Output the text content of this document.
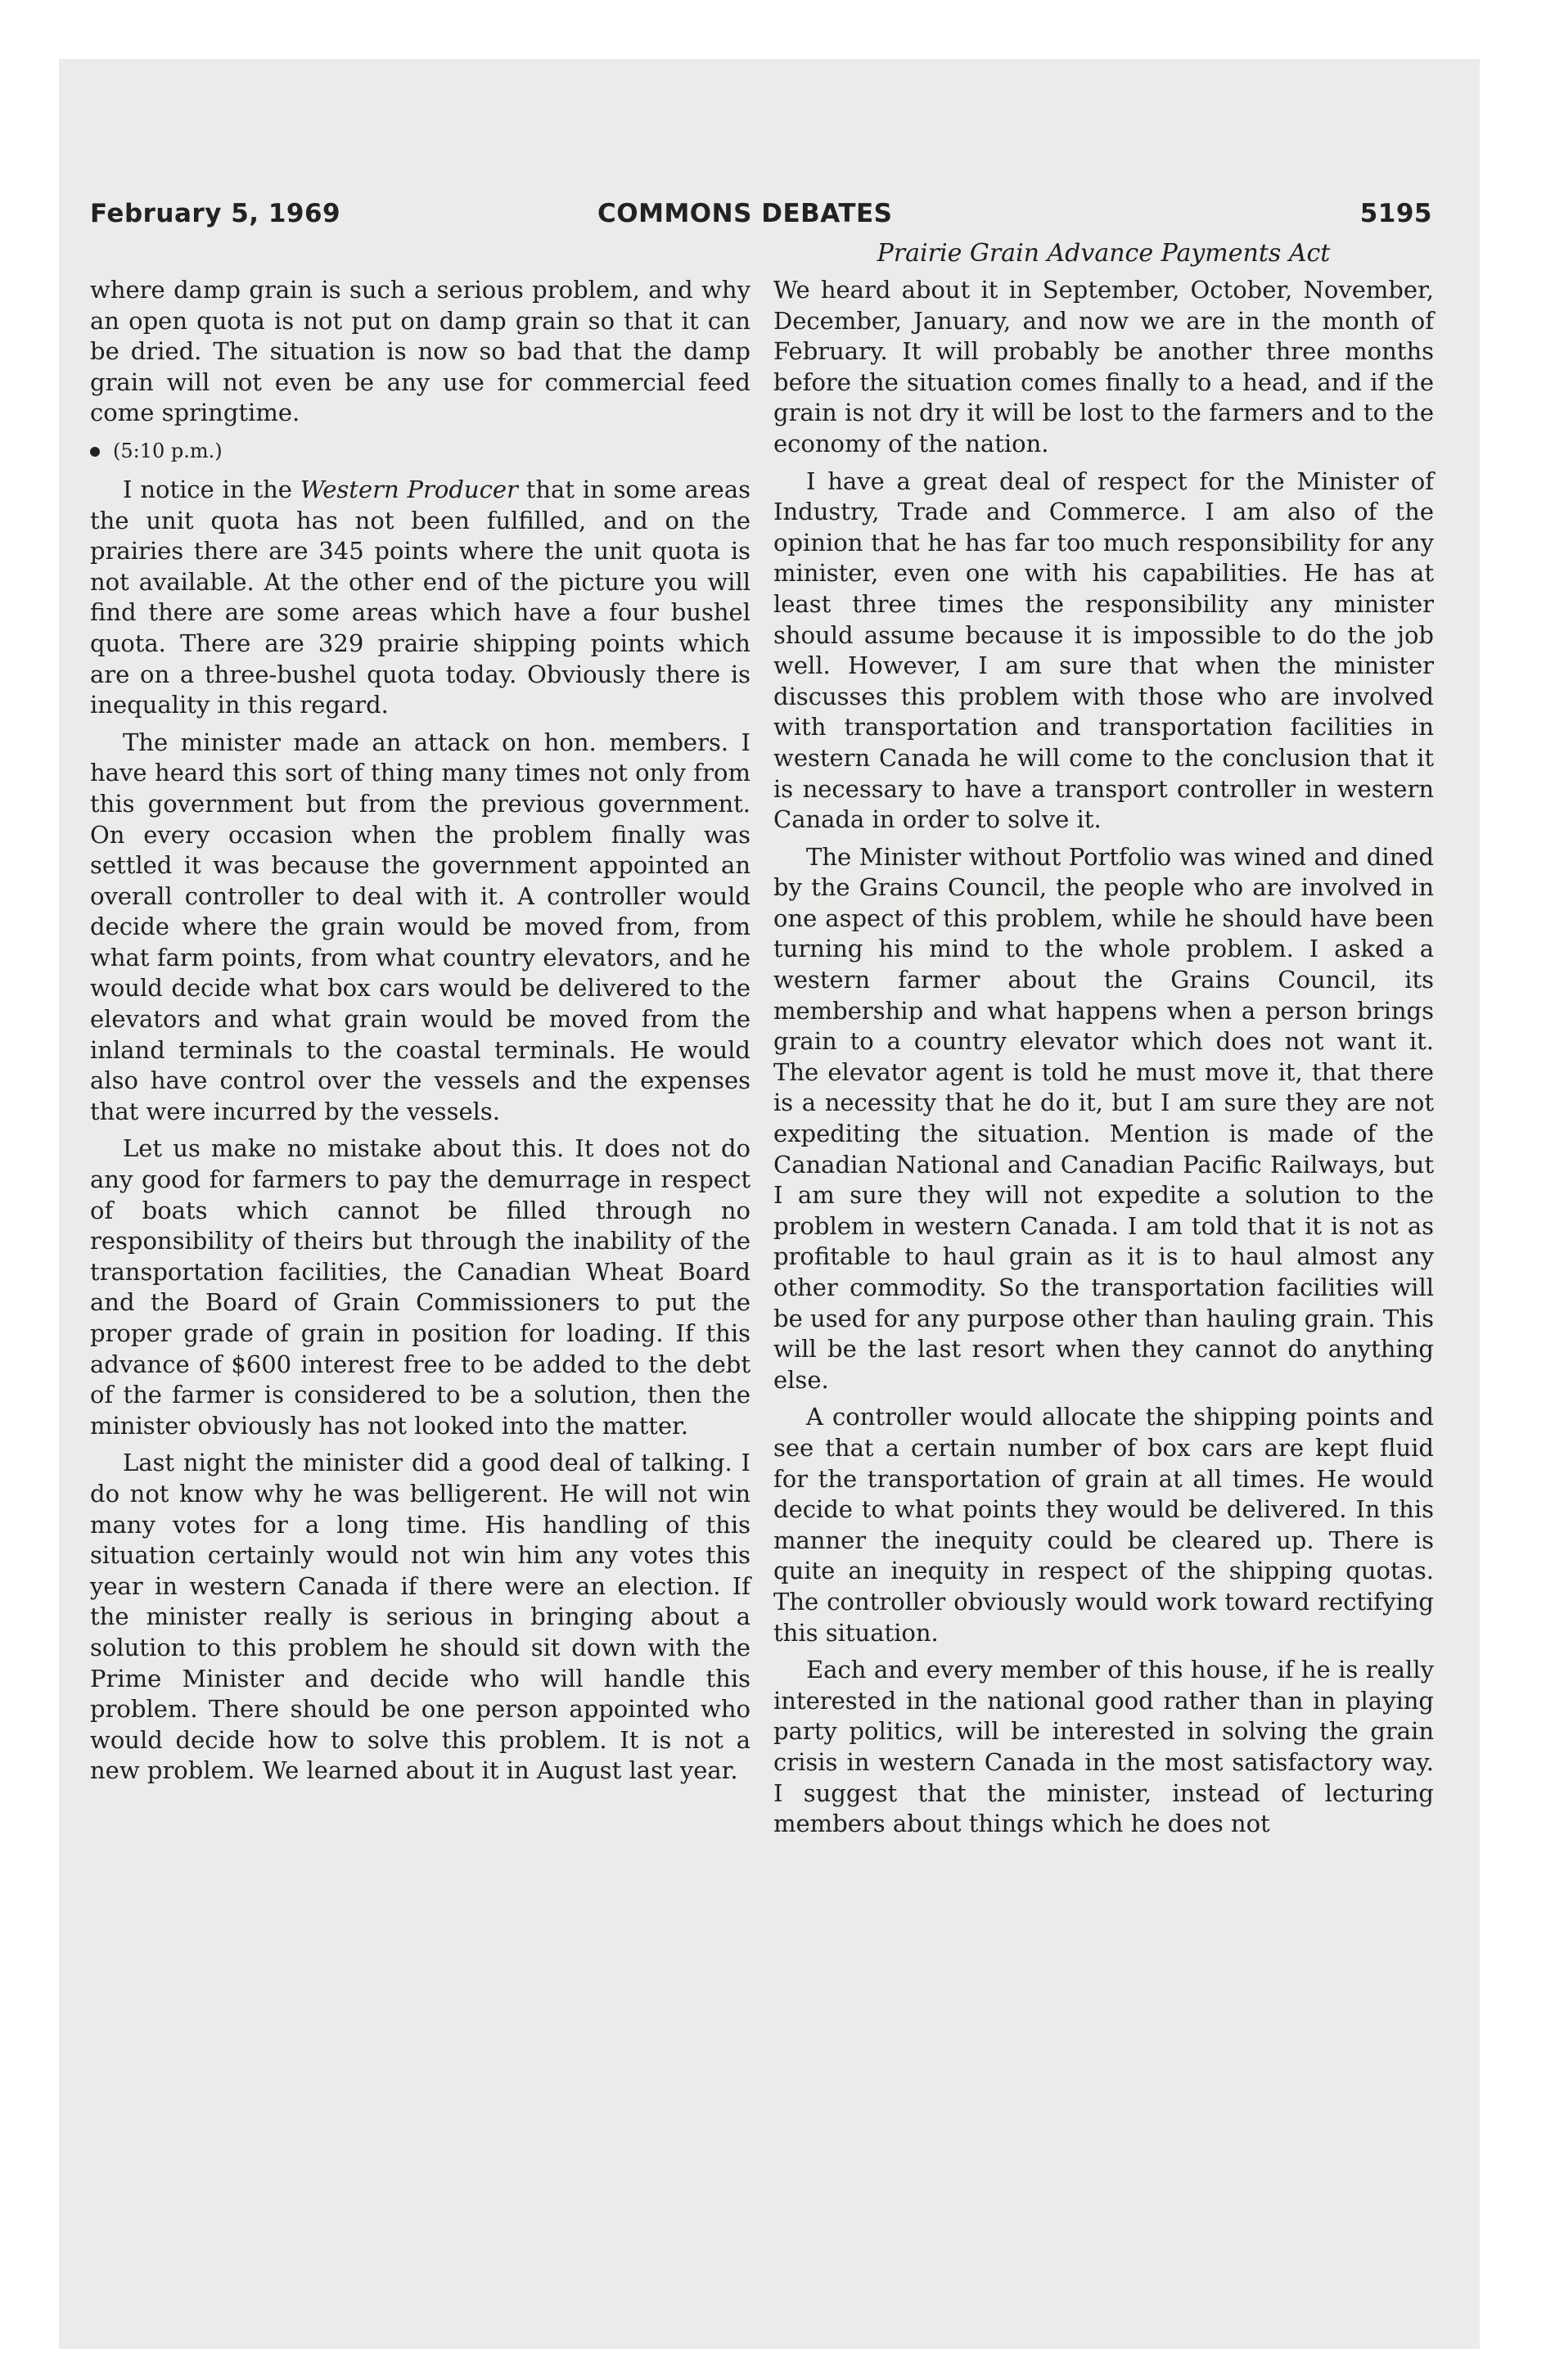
February 5, 1969	COMMONS DEBATES	5195

where damp grain is such a serious problem, and why an open quota is not put on damp grain so that it can be dried. The situation is now so bad that the damp grain will not even be any use for commercial feed come springtime.

(5:10 p.m.)

I notice in the Western Producer that in some areas the unit quota has not been fulfilled, and on the prairies there are 345 points where the unit quota is not available. At the other end of the picture you will find there are some areas which have a four bushel quota. There are 329 prairie shipping points which are on a three-bushel quota today. Obviously there is inequality in this regard.

The minister made an attack on hon. members. I have heard this sort of thing many times not only from this government but from the previous government. On every occasion when the problem finally was settled it was because the government appointed an overall controller to deal with it. A controller would decide where the grain would be moved from, from what farm points, from what country elevators, and he would decide what box cars would be delivered to the elevators and what grain would be moved from the inland terminals to the coastal terminals. He would also have control over the vessels and the expenses that were incurred by the vessels.

Let us make no mistake about this. It does not do any good for farmers to pay the demurrage in respect of boats which cannot be filled through no responsibility of theirs but through the inability of the transportation facilities, the Canadian Wheat Board and the Board of Grain Commissioners to put the proper grade of grain in position for loading. If this advance of $600 interest free to be added to the debt of the farmer is considered to be a solution, then the minister obviously has not looked into the matter.

Last night the minister did a good deal of talking. I do not know why he was belligerent. He will not win many votes for a long time. His handling of this situation certainly would not win him any votes this year in western Canada if there were an election. If the minister really is serious in bringing about a solution to this problem he should sit down with the Prime Minister and decide who will handle this problem. There should be one person appointed who would decide how to solve this problem. It is not a new problem. We learned about it in August last year.

Prairie Grain Advance Payments Act

We heard about it in September, October, November, December, January, and now we are in the month of February. It will probably be another three months before the situation comes finally to a head, and if the grain is not dry it will be lost to the farmers and to the economy of the nation.

I have a great deal of respect for the Minister of Industry, Trade and Commerce. I am also of the opinion that he has far too much responsibility for any minister, even one with his capabilities. He has at least three times the responsibility any minister should assume because it is impossible to do the job well. However, I am sure that when the minister discusses this problem with those who are involved with transportation and transportation facilities in western Canada he will come to the conclusion that it is necessary to have a transport controller in western Canada in order to solve it.

The Minister without Portfolio was wined and dined by the Grains Council, the people who are involved in one aspect of this problem, while he should have been turning his mind to the whole problem. I asked a western farmer about the Grains Council, its membership and what happens when a person brings grain to a country elevator which does not want it. The elevator agent is told he must move it, that there is a necessity that he do it, but I am sure they are not expediting the situation. Mention is made of the Canadian National and Canadian Pacific Railways, but I am sure they will not expedite a solution to the problem in western Canada. I am told that it is not as profitable to haul grain as it is to haul almost any other commodity. So the transportation facilities will be used for any purpose other than hauling grain. This will be the last resort when they cannot do anything else.

A controller would allocate the shipping points and see that a certain number of box cars are kept fluid for the transportation of grain at all times. He would decide to what points they would be delivered. In this manner the inequity could be cleared up. There is quite an inequity in respect of the shipping quotas. The controller obviously would work toward rectifying this situation.

Each and every member of this house, if he is really interested in the national good rather than in playing party politics, will be interested in solving the grain crisis in western Canada in the most satisfactory way. I suggest that the minister, instead of lecturing members about things which he does not
